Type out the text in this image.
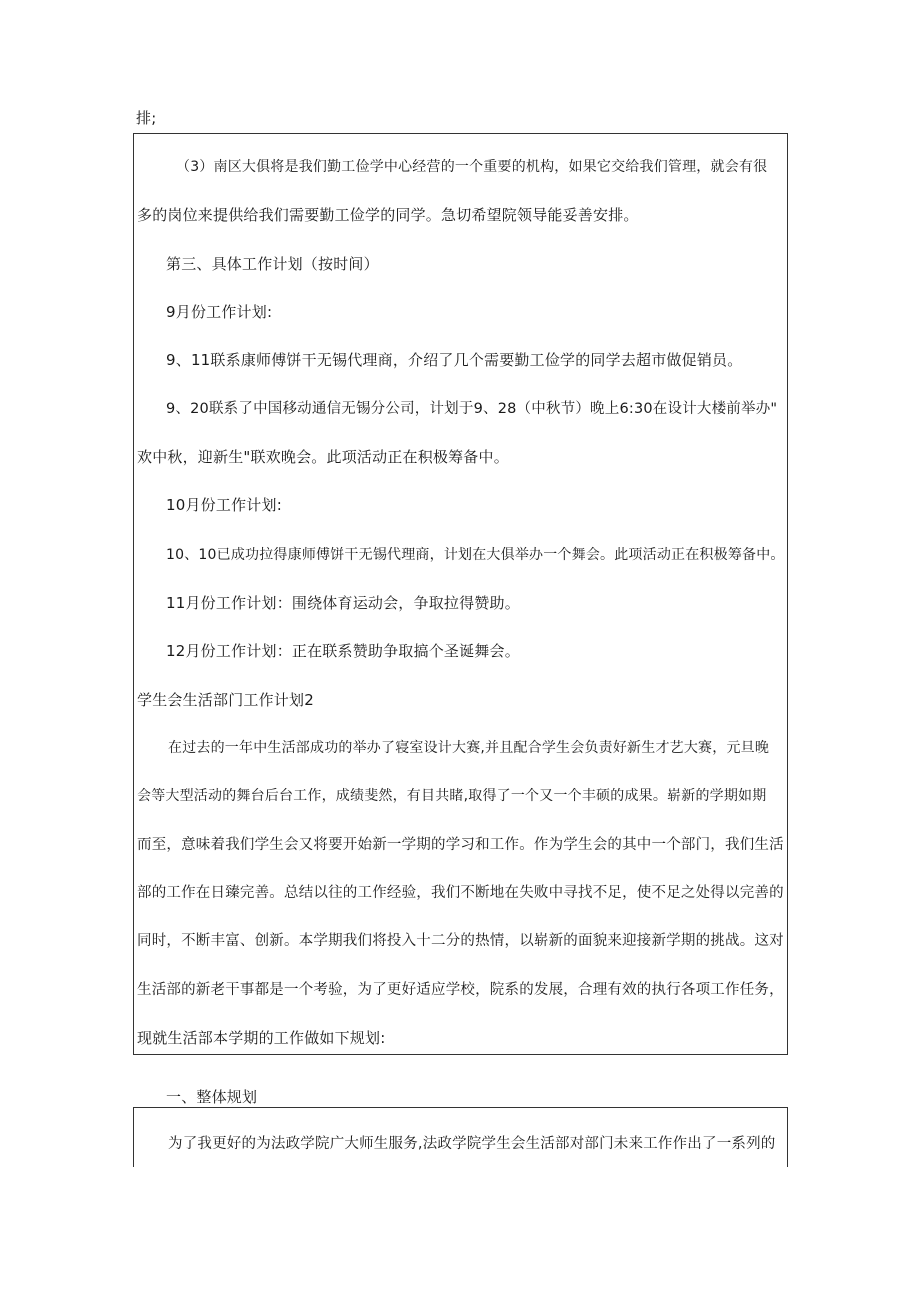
排;
（3）南区大俱将是我们勤工俭学中心经营的一个重要的机构，如果它交给我们管理，就会有很
多的岗位来提供给我们需要勤工俭学的同学。急切希望院领导能妥善安排。
第三、具体工作计划（按时间）
9月份工作计划:
9、11联系康师傅饼干无锡代理商，介绍了几个需要勤工俭学的同学去超市做促销员。
9、20联系了中国移动通信无锡分公司，计划于9、28（中秋节）晚上6:30在设计大楼前举办"
欢中秋，迎新生"联欢晚会。此项活动正在积极筹备中。
10月份工作计划:
10、10已成功拉得康师傅饼干无锡代理商，计划在大俱举办一个舞会。此项活动正在积极筹备中。
11月份工作计划：围绕体育运动会，争取拉得赞助。
12月份工作计划：正在联系赞助争取搞个圣诞舞会。
学生会生活部门工作计划2
在过去的一年中生活部成功的举办了寝室设计大赛,并且配合学生会负责好新生才艺大赛，元旦晚
会等大型活动的舞台后台工作，成绩斐然，有目共睹,取得了一个又一个丰硕的成果。崭新的学期如期
而至，意味着我们学生会又将要开始新一学期的学习和工作。作为学生会的其中一个部门，我们生活
部的工作在日臻完善。总结以往的工作经验，我们不断地在失败中寻找不足，使不足之处得以完善的
同时，不断丰富、创新。本学期我们将投入十二分的热情，以崭新的面貌来迎接新学期的挑战。这对
生活部的新老干事都是一个考验，为了更好适应学校，院系的发展，合理有效的执行各项工作任务，
现就生活部本学期的工作做如下规划:
一、整体规划
为了我更好的为法政学院广大师生服务,法政学院学生会生活部对部门未来工作作出了一系列的
